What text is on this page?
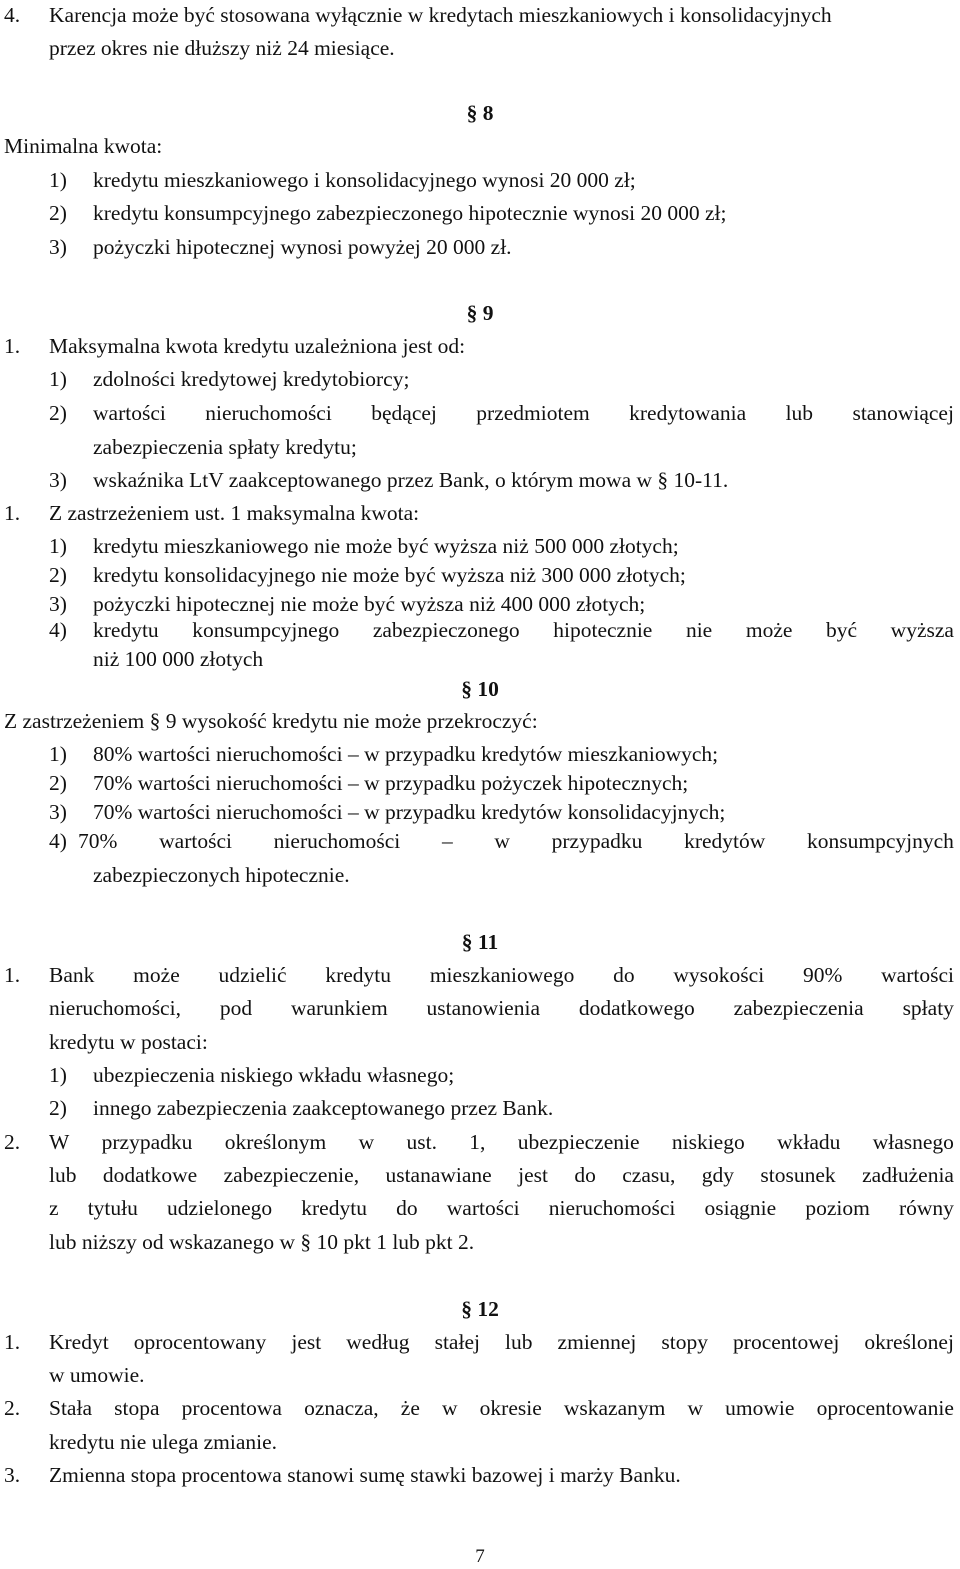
4. Karencja może być stosowana wyłącznie w kredytach mieszkaniowych i konsolidacyjnych
przez okres nie dłuższy niż 24 miesiące.
§ 8
Minimalna kwota:
1) kredytu mieszkaniowego i konsolidacyjnego wynosi 20 000 zł;
2) kredytu konsumpcyjnego zabezpieczonego hipotecznie wynosi 20 000 zł;
3) pożyczki hipotecznej wynosi powyżej 20 000 zł.
§ 9
1. Maksymalna kwota kredytu uzależniona jest od:
1) zdolności kredytowej kredytobiorcy;
2) wartości nieruchomości będącej przedmiotem kredytowania lub stanowiącej
zabezpieczenia spłaty kredytu;
3) wskaźnika LtV zaakceptowanego przez Bank, o którym mowa w § 10-11.
1. Z zastrzeżeniem ust. 1 maksymalna kwota:
1) kredytu mieszkaniowego nie może być wyższa niż 500 000 złotych;
2) kredytu konsolidacyjnego nie może być wyższa niż 300 000 złotych;
3) pożyczki hipotecznej nie może być wyższa niż 400 000 złotych;
4) kredytu konsumpcyjnego zabezpieczonego hipotecznie nie może być wyższa
niż 100 000 złotych
§ 10
Z zastrzeżeniem § 9 wysokość kredytu nie może przekroczyć:
1) 80% wartości nieruchomości – w przypadku kredytów mieszkaniowych;
2) 70% wartości nieruchomości – w przypadku pożyczek hipotecznych;
3) 70% wartości nieruchomości – w przypadku kredytów konsolidacyjnych;
4) 70% wartości nieruchomości – w przypadku kredytów konsumpcyjnych
zabezpieczonych hipotecznie.
§ 11
1. Bank może udzielić kredytu mieszkaniowego do wysokości 90% wartości
nieruchomości, pod warunkiem ustanowienia dodatkowego zabezpieczenia spłaty
kredytu w postaci:
1) ubezpieczenia niskiego wkładu własnego;
2) innego zabezpieczenia zaakceptowanego przez Bank.
2. W przypadku określonym w ust. 1, ubezpieczenie niskiego wkładu własnego
lub dodatkowe zabezpieczenie, ustanawiane jest do czasu, gdy stosunek zadłużenia
z tytułu udzielonego kredytu do wartości nieruchomości osiągnie poziom równy
lub niższy od wskazanego w § 10 pkt 1 lub pkt 2.
§ 12
1. Kredyt oprocentowany jest według stałej lub zmiennej stopy procentowej określonej
w umowie.
2. Stała stopa procentowa oznacza, że w okresie wskazanym w umowie oprocentowanie
kredytu nie ulega zmianie.
3. Zmienna stopa procentowa stanowi sumę stawki bazowej i marży Banku.
7
